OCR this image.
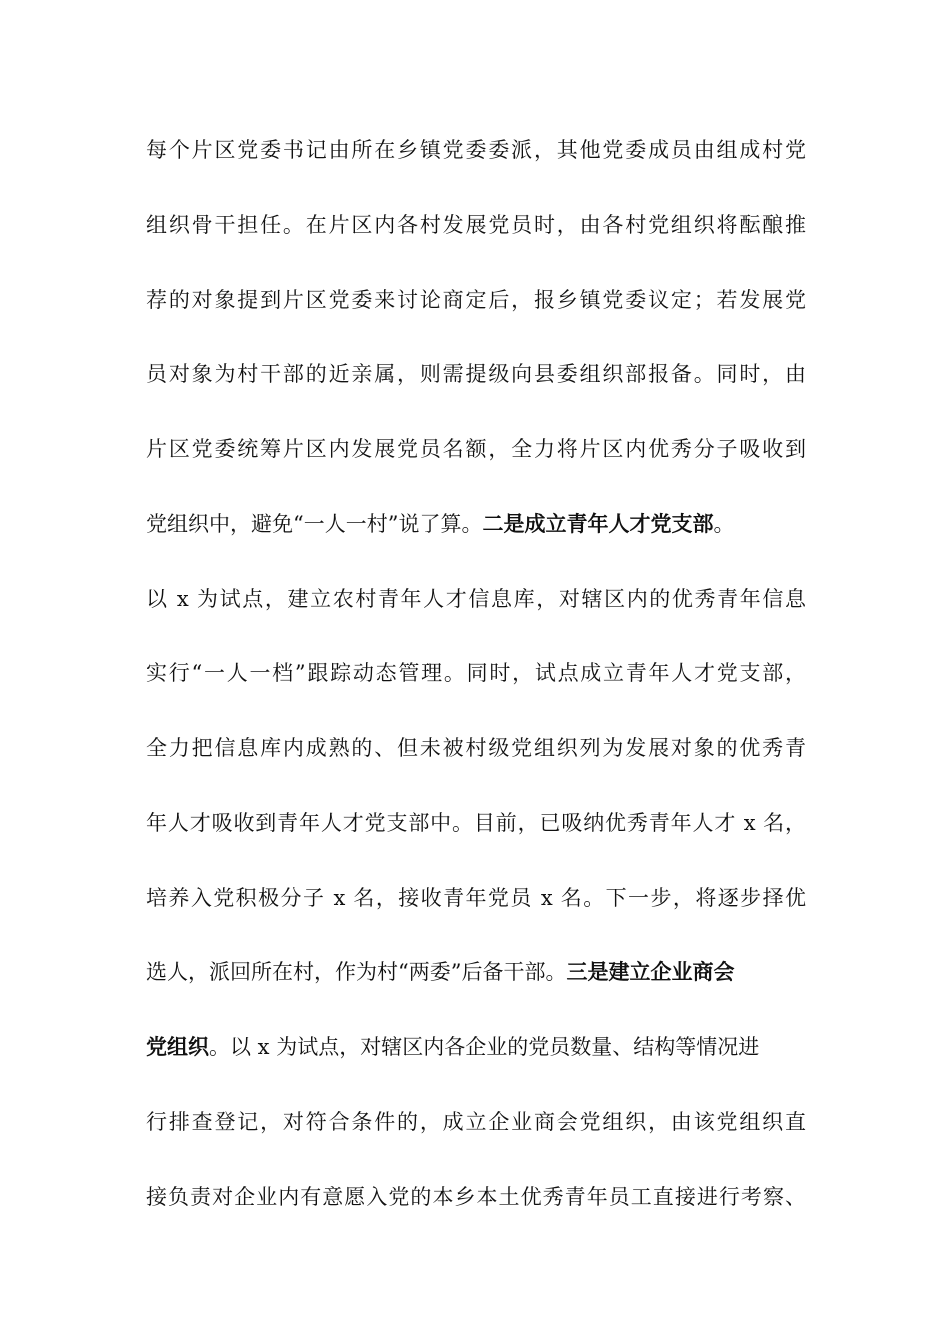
每个片区党委书记由所在乡镇党委委派，其他党委成员由组成村党
组织骨干担任。在片区内各村发展党员时，由各村党组织将酝酿推
荐的对象提到片区党委来讨论商定后，报乡镇党委议定；若发展党
员对象为村干部的近亲属，则需提级向县委组织部报备。同时，由
片区党委统筹片区内发展党员名额，全力将片区内优秀分子吸收到
党组织中，避免“一人一村”说了算。二是成立青年人才党支部。
以 x 为试点，建立农村青年人才信息库，对辖区内的优秀青年信息
实行“一人一档”跟踪动态管理。同时，试点成立青年人才党支部，
全力把信息库内成熟的、但未被村级党组织列为发展对象的优秀青
年人才吸收到青年人才党支部中。目前，已吸纳优秀青年人才 x 名，
培养入党积极分子 x 名，接收青年党员 x 名。下一步，将逐步择优
选人，派回所在村，作为村“两委”后备干部。三是建立企业商会
党组织。以 x 为试点，对辖区内各企业的党员数量、结构等情况进
行排查登记，对符合条件的，成立企业商会党组织，由该党组织直
接负责对企业内有意愿入党的本乡本土优秀青年员工直接进行考察、
